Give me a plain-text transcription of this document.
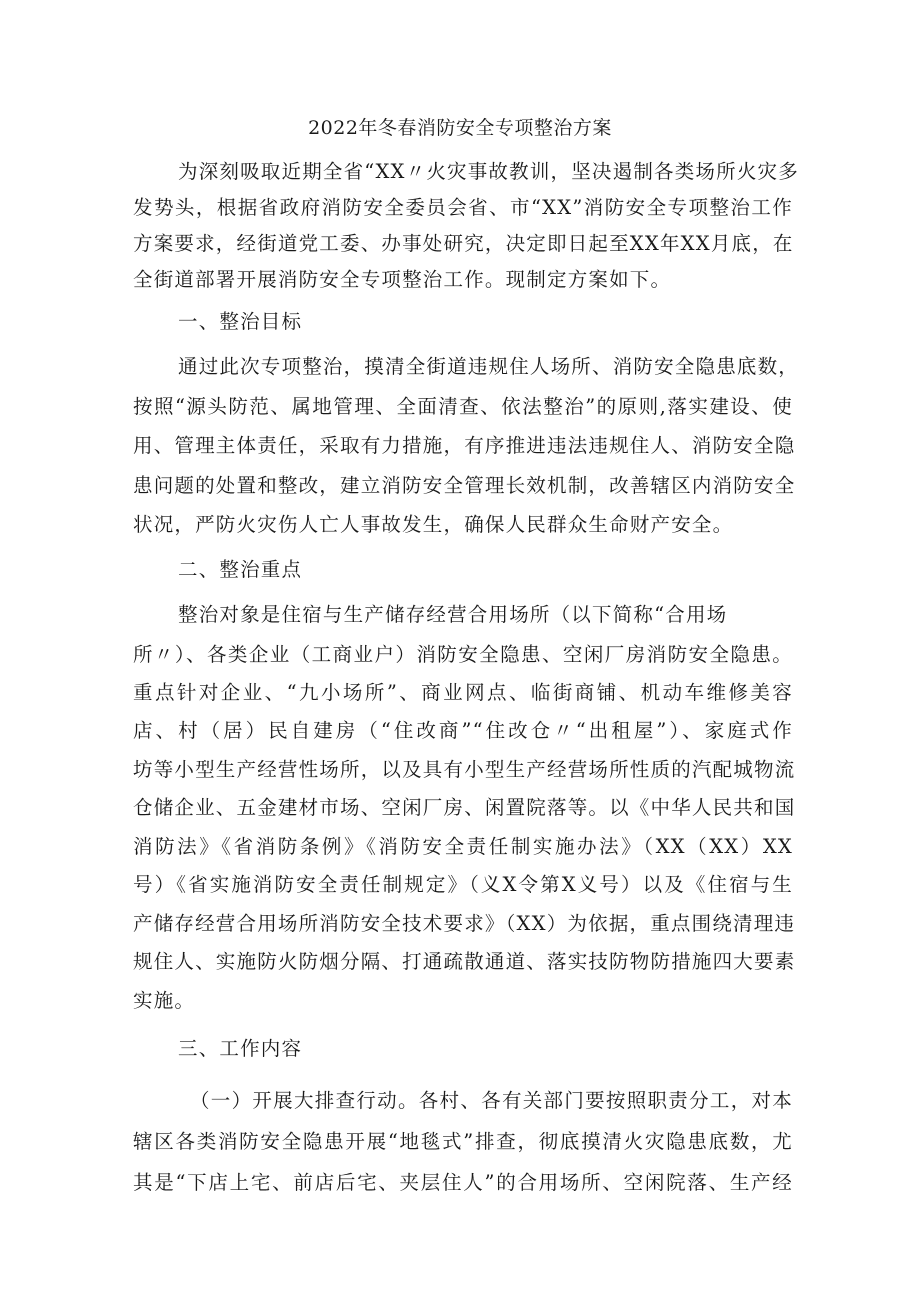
2022年冬春消防安全专项整治方案
为深刻吸取近期全省“XX〃火灾事故教训，坚决遏制各类场所火灾多
发势头，根据省政府消防安全委员会省、市“XX”消防安全专项整治工作
方案要求，经街道党工委、办事处研究，决定即日起至XX年XX月底，在
全街道部署开展消防安全专项整治工作。现制定方案如下。
一、整治目标
通过此次专项整治，摸清全街道违规住人场所、消防安全隐患底数，
按照“源头防范、属地管理、全面清查、依法整治”的原则,落实建设、使
用、管理主体责任，采取有力措施，有序推进违法违规住人、消防安全隐
患问题的处置和整改，建立消防安全管理长效机制，改善辖区内消防安全
状况，严防火灾伤人亡人事故发生，确保人民群众生命财产安全。
二、整治重点
整治对象是住宿与生产储存经营合用场所（以下简称“合用场
所〃）、各类企业（工商业户）消防安全隐患、空闲厂房消防安全隐患。
重点针对企业、“九小场所”、商业网点、临街商铺、机动车维修美容
店、村（居）民自建房（“住改商”“住改仓〃“出租屋”）、家庭式作
坊等小型生产经营性场所，以及具有小型生产经营场所性质的汽配城物流
仓储企业、五金建材市场、空闲厂房、闲置院落等。以《中华人民共和国
消防法》《省消防条例》《消防安全责任制实施办法》（XX（XX）XX
号）《省实施消防安全责任制规定》（义X令第X义号）以及《住宿与生
产储存经营合用场所消防安全技术要求》（XX）为依据，重点围绕清理违
规住人、实施防火防烟分隔、打通疏散通道、落实技防物防措施四大要素
实施。
三、工作内容
（一）开展大排查行动。各村、各有关部门要按照职责分工，对本
辖区各类消防安全隐患开展“地毯式”排查，彻底摸清火灾隐患底数，尤
其是“下店上宅、前店后宅、夹层住人”的合用场所、空闲院落、生产经
